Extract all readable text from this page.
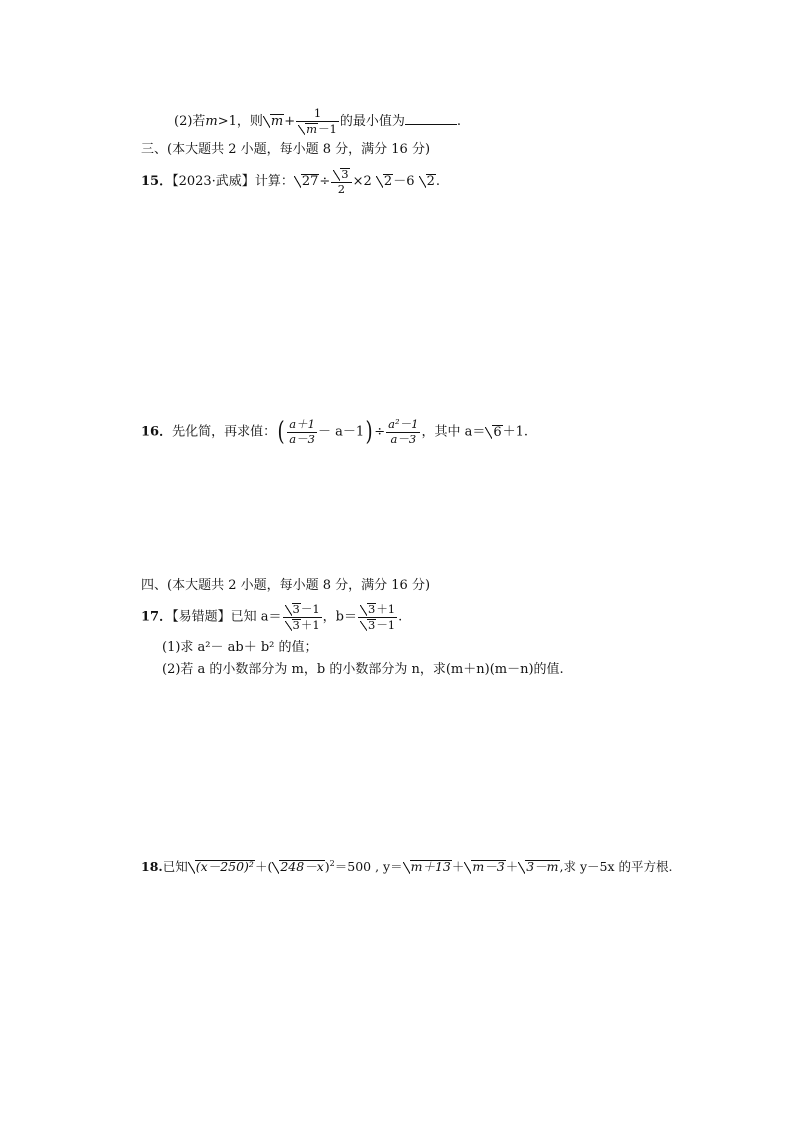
(2)若m>1，则 $m+ \frac{1}{m-1}$ 的最小值为	.
三、(本大题共 2 小题，每小题 8 分，满分 16 分)
15．【2023·武威】计算： $27\div \frac{3}{2} \times 2$ 2－6 2.
16．先化简，再求值：( $\frac{a+1}{a-3} - a-1) \div \frac{\text{a²－1}}{a-3}$ ，其中 a＝ 6＋1.
四、(本大题共 2 小题，每小题 8 分，满分 16 分)
17．【易错题】已知 $a= \frac{3-1}{3+1}$ ，$b= \frac{3+1}{3-1}$ .
(1)求 a²－ ab＋ b² 的值；
(2)若 a 的小数部分为 m，b 的小数部分为 n，求(m＋n)(m－n)的值.
18.已知 (x－250)²＋( 248－x)$^2$＝500 , y＝ m＋13＋ m－3＋ 3－m,求 y－5x 的平方根.
